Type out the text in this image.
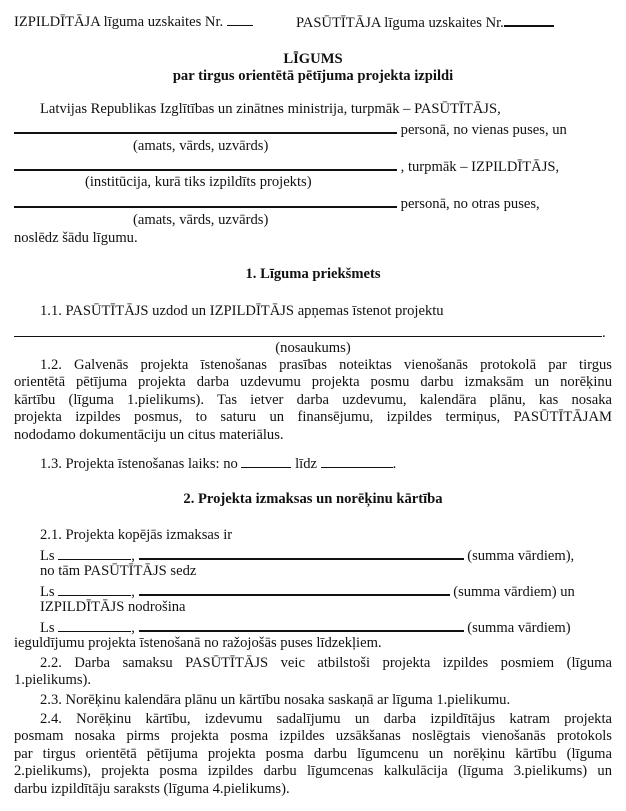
IZPILDĪTĀJA līguma uzskaites Nr.	PASŪTĪTĀJA līguma uzskaites Nr.
LĪGUMS
par tirgus orientētā pētījuma projekta izpildi
Latvijas Republikas Izglītības un zinātnes ministrija, turpmāk – PASŪTĪTĀJS,
personā, no vienas puses, un
(amats, vārds, uzvārds)
, turpmāk – IZPILDĪTĀJS,
(institūcija, kurā tiks izpildīts projekts)
personā, no otras puses,
(amats, vārds, uzvārds)
noslēdz šādu līgumu.
1. Līguma priekšmets
1.1. PASŪTĪTĀJS uzdod un IZPILDĪTĀJS apņemas īstenot projektu
.
(nosaukums)
1.2. Galvenās projekta īstenošanas prasības noteiktas vienošanās protokolā par tirgus
orientētā pētījuma projekta darba uzdevumu projekta posmu darbu izmaksām un norēķinu
kārtību (līguma 1.pielikums). Tas ietver darba uzdevumu, kalendāra plānu, kas nosaka
projekta izpildes posmus, to saturu un finansējumu, izpildes termiņus, PASŪTĪTĀJAM
nododamo dokumentāciju un citus materiālus.
1.3. Projekta īstenošanas laiks: no	līdz	.
2. Projekta izmaksas un norēķinu kārtība
2.1. Projekta kopējās izmaksas ir
Ls	,	(summa vārdiem),
no tām PASŪTĪTĀJS sedz
Ls	,	(summa vārdiem) un
IZPILDĪTĀJS nodrošina
Ls	,	(summa vārdiem)
ieguldījumu projekta īstenošanā no ražojošās puses līdzekļiem.
2.2. Darba samaksu PASŪTĪTĀJS veic atbilstoši projekta izpildes posmiem (līguma
1.pielikums).
2.3. Norēķinu kalendāra plānu un kārtību nosaka saskaņā ar līguma 1.pielikumu.
2.4. Norēķinu kārtību, izdevumu sadalījumu un darba izpildītājus katram projekta
posmam nosaka pirms projekta posma izpildes uzsākšanas noslēgtais vienošanās protokols
par tirgus orientētā pētījuma projekta posma darbu līgumcenu un norēķinu kārtību (līguma
2.pielikums), projekta posma izpildes darbu līgumcenas kalkulācija (līguma 3.pielikums) un
darbu izpildītāju saraksts (līguma 4.pielikums).
